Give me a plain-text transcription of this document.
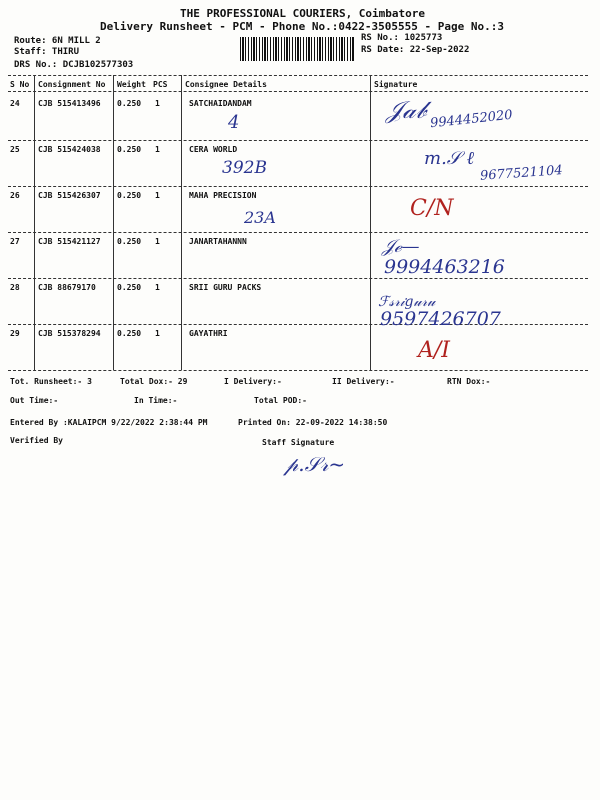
THE PROFESSIONAL COURIERS, Coimbatore
Delivery Runsheet - PCM - Phone No.:0422-3505555 - Page No.:3
Route: 6N MILL 2
Staff: THIRU
DRS No.: DCJB102577303
RS No.: 1025773
RS Date: 22-Sep-2022
S No Consignment No Weight PCS Consignee Details	Signature
24 CJB 515413496 0.250 1	SATCHAIDANDAM
4	𝒥𝒶𝒷 9944452020
25 CJB 515424038 0.250 1	CERA WORLD
392B	m.𝒮 ℓ
9677521104
26 CJB 515426307 0.250 1	MAHA PRECISION
23A	C/N
27 CJB 515421127 0.250 1	JANARTAHANNN	𝒥ℯ—
9994463216
28 CJB 88679170	0.250 1	SRII GURU PACKS
ℱ𝓈𝓇𝒾𝑔𝓊𝓇𝓊
9597426707
29 CJB 515378294 0.250 1	GAYATHRI
A/I
Tot. Runsheet:- 3	Total Dox:- 29	I Delivery:-	II Delivery:-	RTN Dox:-
Out Time:-	In Time:-	Total POD:-
Entered By :KALAIPCM 9/22/2022 2:38:44 PM	Printed On: 22-09-2022 14:38:50
Verified By	Staff Signature
𝓅.𝒮𝓇~
